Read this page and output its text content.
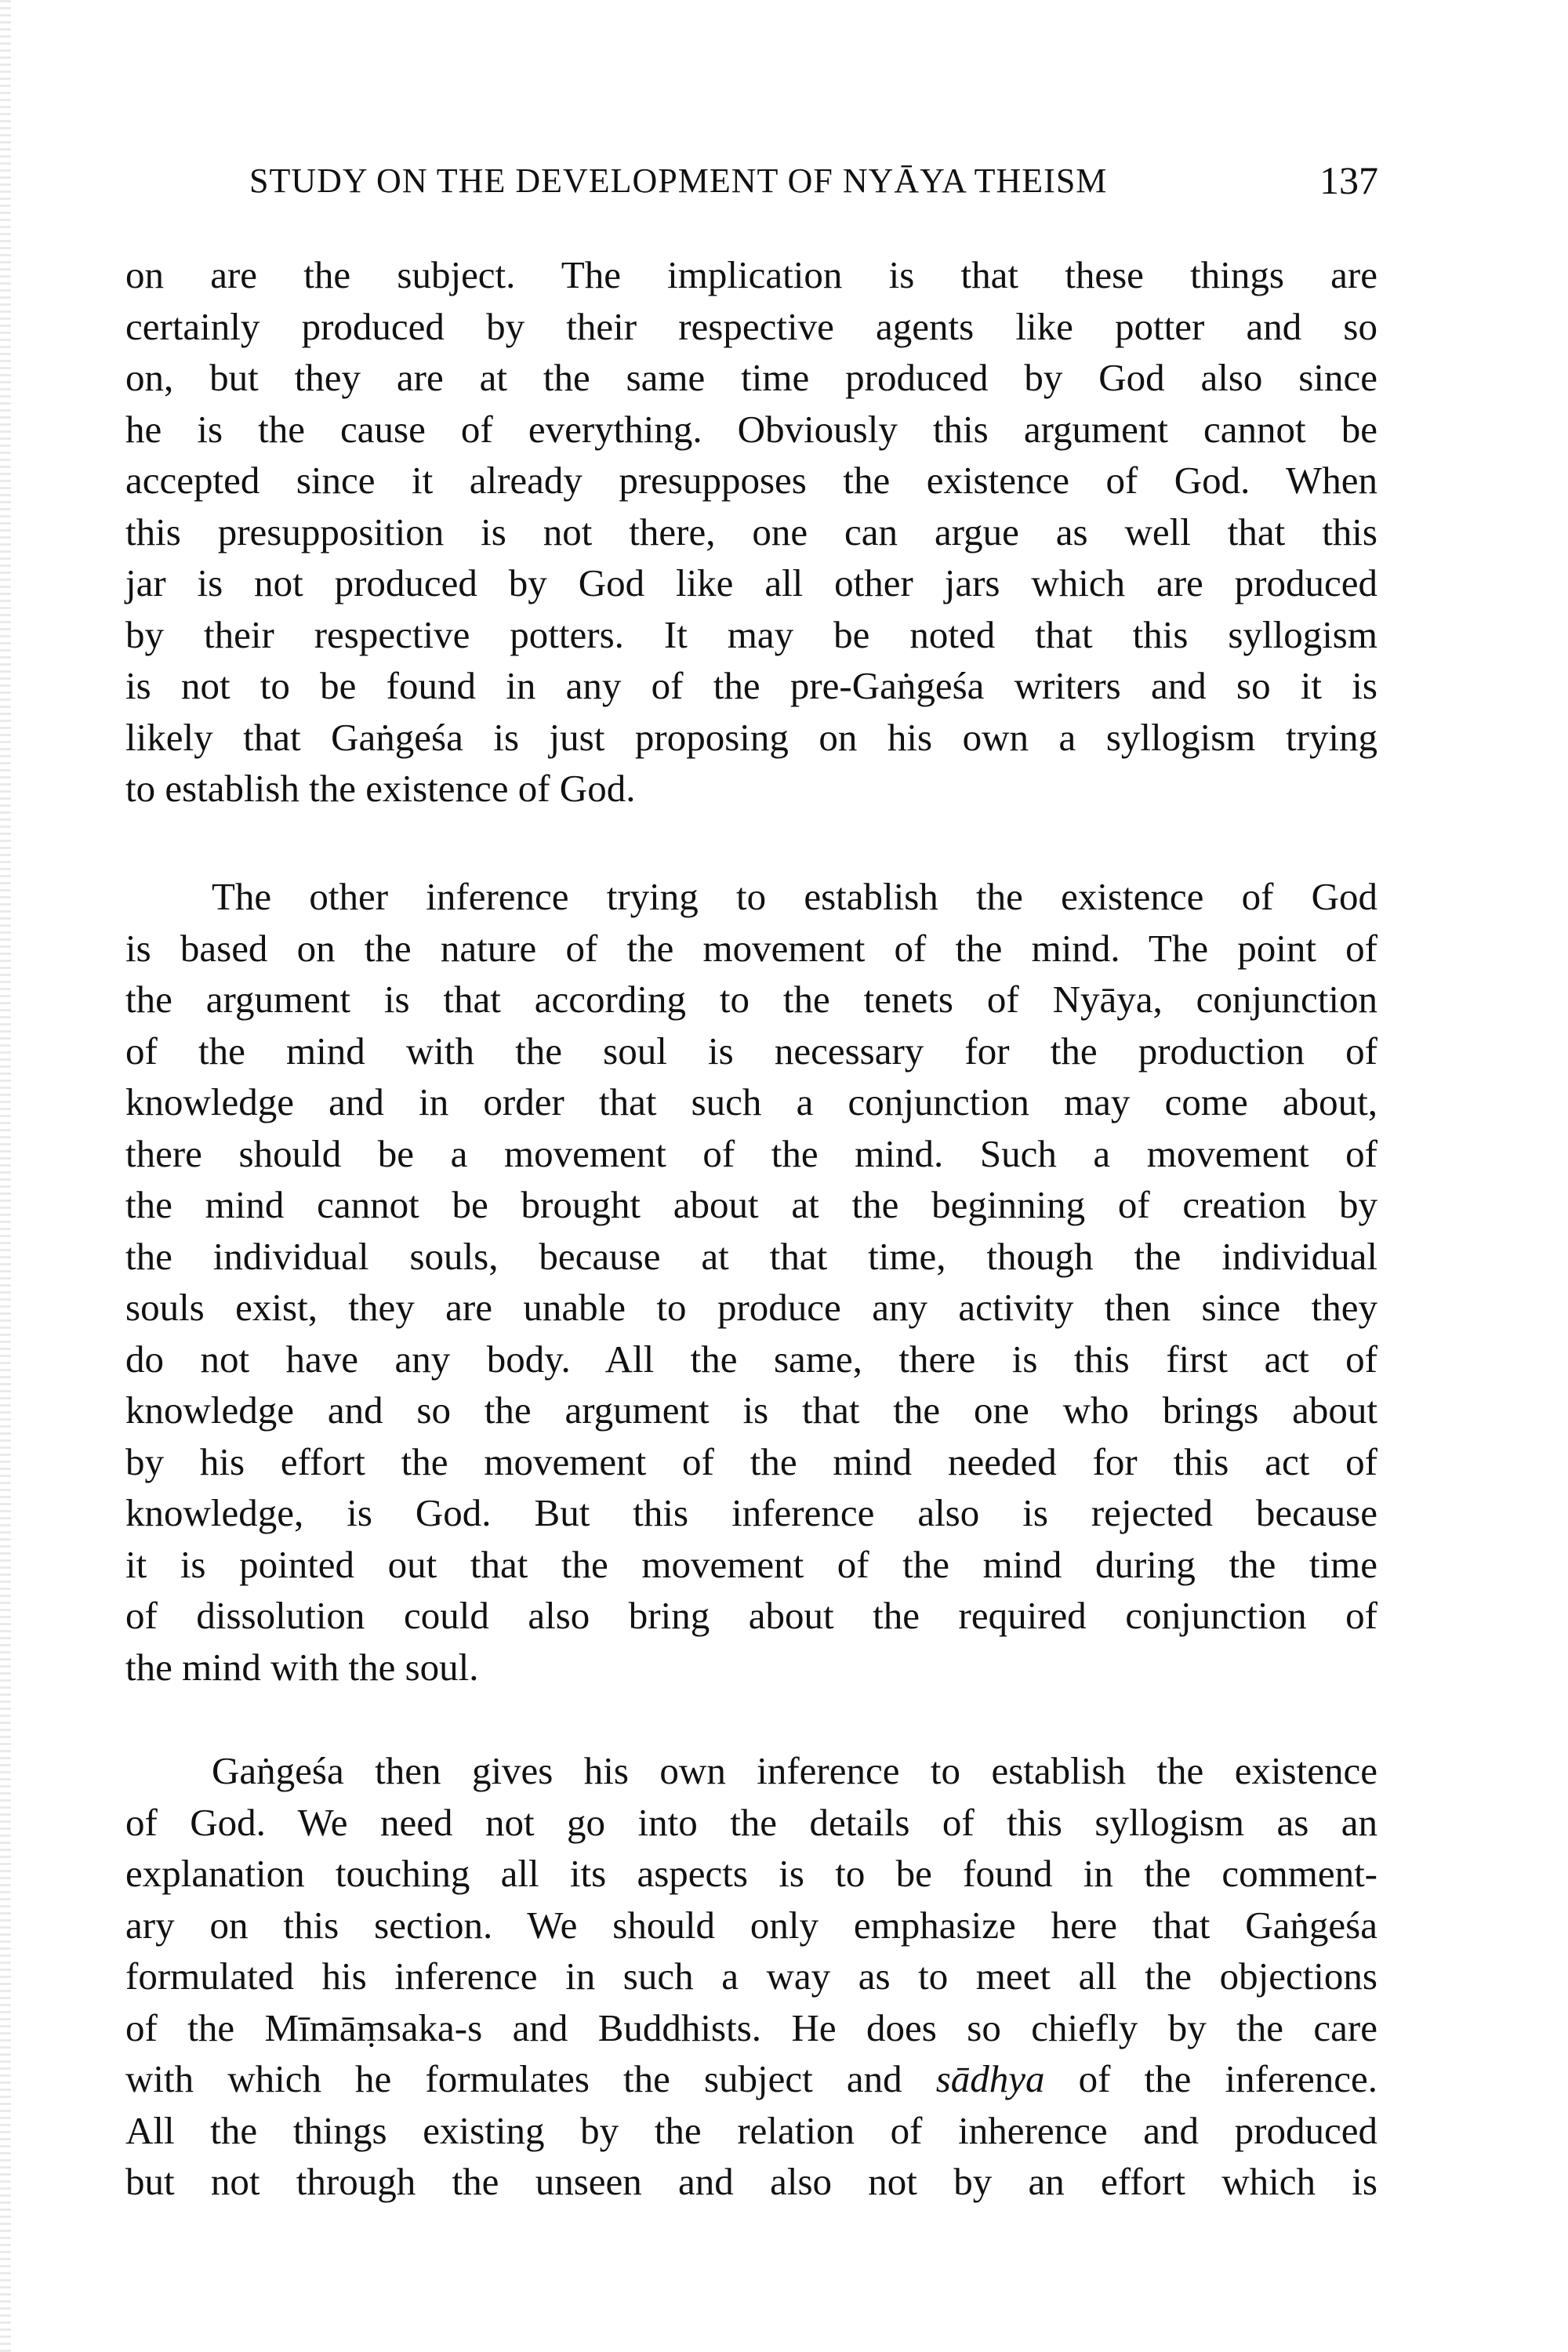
STUDY ON THE DEVELOPMENT OF NYĀYA THEISM	137
on are the subject. The implication is that these things are
certainly produced by their respective agents like potter and so
on, but they are at the same time produced by God also since
he is the cause of everything. Obviously this argument cannot be
accepted since it already presupposes the existence of God. When
this presupposition is not there, one can argue as well that this
jar is not produced by God like all other jars which are produced
by their respective potters. It may be noted that this syllogism
is not to be found in any of the pre-Gaṅgeśa writers and so it is
likely that Gaṅgeśa is just proposing on his own a syllogism trying
to establish the existence of God.
The other inference trying to establish the existence of God
is based on the nature of the movement of the mind. The point of
the argument is that according to the tenets of Nyāya, conjunction
of the mind with the soul is necessary for the production of
knowledge and in order that such a conjunction may come about,
there should be a movement of the mind. Such a movement of
the mind cannot be brought about at the beginning of creation by
the individual souls, because at that time, though the individual
souls exist, they are unable to produce any activity then since they
do not have any body. All the same, there is this first act of
knowledge and so the argument is that the one who brings about
by his effort the movement of the mind needed for this act of
knowledge, is God. But this inference also is rejected because
it is pointed out that the movement of the mind during the time
of dissolution could also bring about the required conjunction of
the mind with the soul.
Gaṅgeśa then gives his own inference to establish the existence
of God. We need not go into the details of this syllogism as an
explanation touching all its aspects is to be found in the comment-
ary on this section. We should only emphasize here that Gaṅgeśa
formulated his inference in such a way as to meet all the objections
of the Mīmāṃsaka-s and Buddhists. He does so chiefly by the care
with which he formulates the subject and sādhya of the inference.
All the things existing by the relation of inherence and produced
but not through the unseen and also not by an effort which is
